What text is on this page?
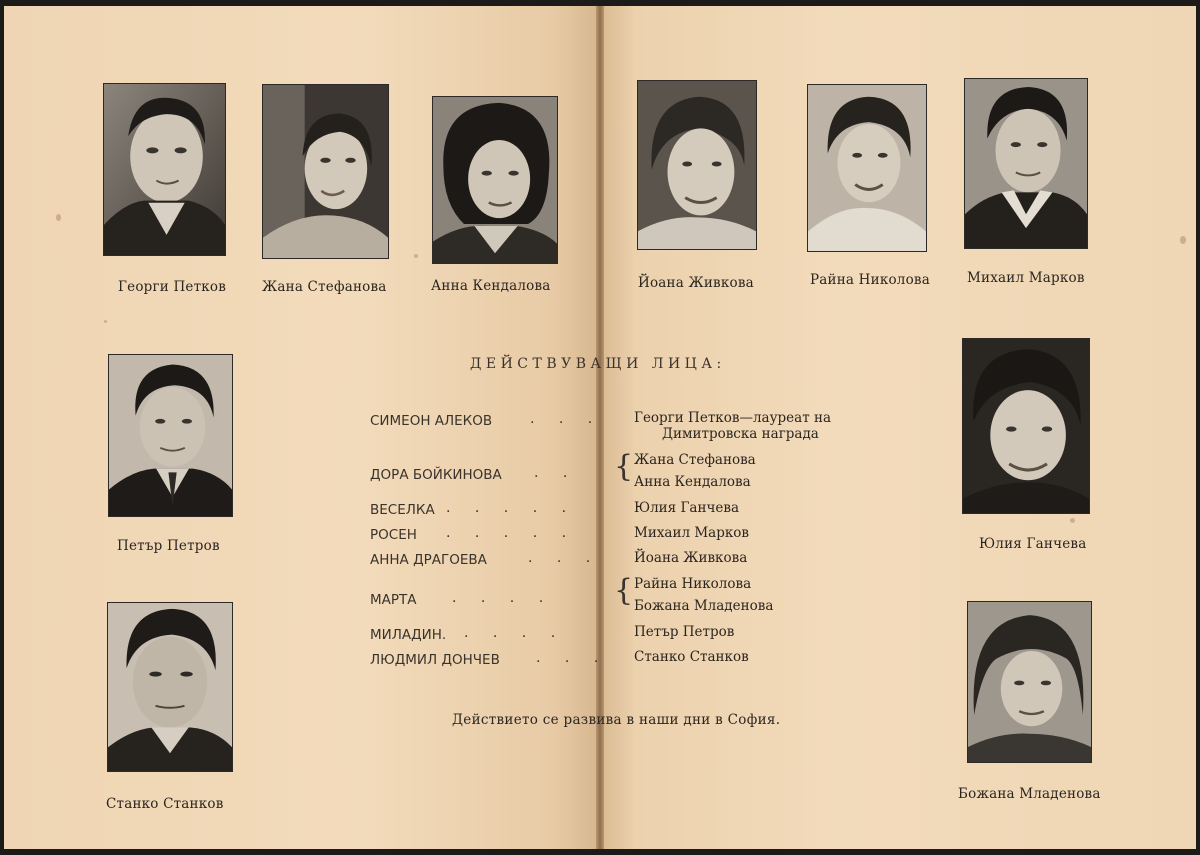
Георги Петков	Жана Стефанова	Анна Кендалова	Йоана Живкова	Райна Николова	Михаил Марков
Петър Петров
Станко Станков
Юлия Ганчева
Божана Младенова
ДЕЙСТВУВАЩИ ЛИЦА:
СИМЕОН АЛЕКОВ	. . . Георги Петков—лауреат на
Димитровска награда
ДОРА БОЙКИНОВА . . { Жана Стефанова
Анна Кендалова
ВЕСЕЛКА . . . . .	Юлия Ганчева
РОСЕН . . . . .	Михаил Марков
АННА ДРАГОЕВА	. . . Йоана Живкова
МАРТА	. . . . { Райна Николова
Божана Младенова
МИЛАДИН. . . . .	Петър Петров
ЛЮДМИЛ ДОНЧЕВ	. . . Станко Станков
Действието се развива в наши дни в София.
